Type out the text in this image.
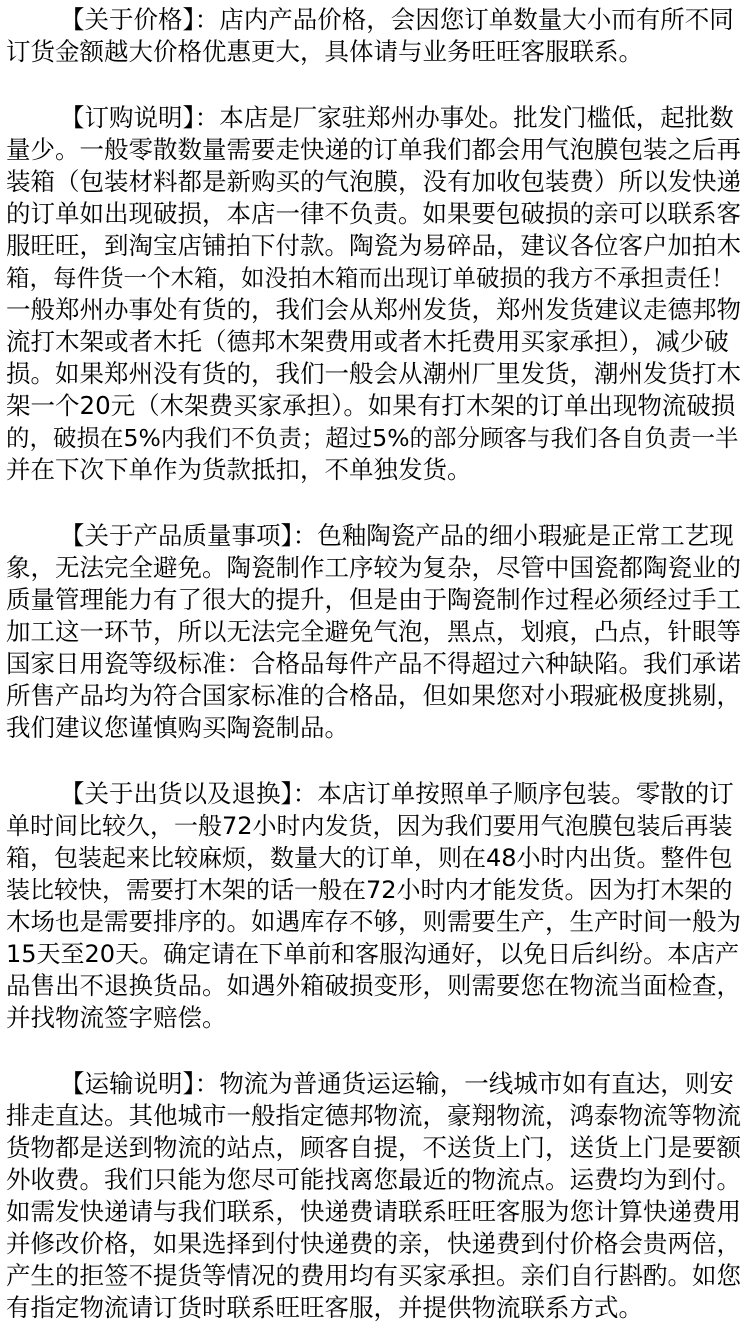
【关于价格】：店内产品价格，会因您订单数量大小而有所不同
订货金额越大价格优惠更大，具体请与业务旺旺客服联系。
【订购说明】：本店是厂家驻郑州办事处。批发门槛低，起批数
量少。一般零散数量需要走快递的订单我们都会用气泡膜包装之后再
装箱（包装材料都是新购买的气泡膜，没有加收包装费）所以发快递
的订单如出现破损，本店一律不负责。如果要包破损的亲可以联系客
服旺旺，到淘宝店铺拍下付款。陶瓷为易碎品，建议各位客户加拍木
箱，每件货一个木箱，如没拍木箱而出现订单破损的我方不承担责任！
一般郑州办事处有货的，我们会从郑州发货，郑州发货建议走德邦物
流打木架或者木托（德邦木架费用或者木托费用买家承担），减少破
损。如果郑州没有货的，我们一般会从潮州厂里发货，潮州发货打木
架一个20元（木架费买家承担）。如果有打木架的订单出现物流破损
的，破损在5%内我们不负责；超过5%的部分顾客与我们各自负责一半
并在下次下单作为货款抵扣，不单独发货。
【关于产品质量事项】：色釉陶瓷产品的细小瑕疵是正常工艺现
象，无法完全避免。陶瓷制作工序较为复杂，尽管中国瓷都陶瓷业的
质量管理能力有了很大的提升，但是由于陶瓷制作过程必须经过手工
加工这一环节，所以无法完全避免气泡，黑点，划痕，凸点，针眼等
国家日用瓷等级标准：合格品每件产品不得超过六种缺陷。我们承诺
所售产品均为符合国家标准的合格品，但如果您对小瑕疵极度挑剔，
我们建议您谨慎购买陶瓷制品。
【关于出货以及退换】：本店订单按照单子顺序包装。零散的订
单时间比较久，一般72小时内发货，因为我们要用气泡膜包装后再装
箱，包装起来比较麻烦，数量大的订单，则在48小时内出货。整件包
装比较快，需要打木架的话一般在72小时内才能发货。因为打木架的
木场也是需要排序的。如遇库存不够，则需要生产，生产时间一般为
15天至20天。确定请在下单前和客服沟通好，以免日后纠纷。本店产
品售出不退换货品。如遇外箱破损变形，则需要您在物流当面检查，
并找物流签字赔偿。
【运输说明】：物流为普通货运运输，一线城市如有直达，则安
排走直达。其他城市一般指定德邦物流，豪翔物流，鸿泰物流等物流
货物都是送到物流的站点，顾客自提，不送货上门，送货上门是要额
外收费。我们只能为您尽可能找离您最近的物流点。运费均为到付。
如需发快递请与我们联系，快递费请联系旺旺客服为您计算快递费用
并修改价格，如果选择到付快递费的亲，快递费到付价格会贵两倍，
产生的拒签不提货等情况的费用均有买家承担。亲们自行斟酌。如您
有指定物流请订货时联系旺旺客服，并提供物流联系方式。
